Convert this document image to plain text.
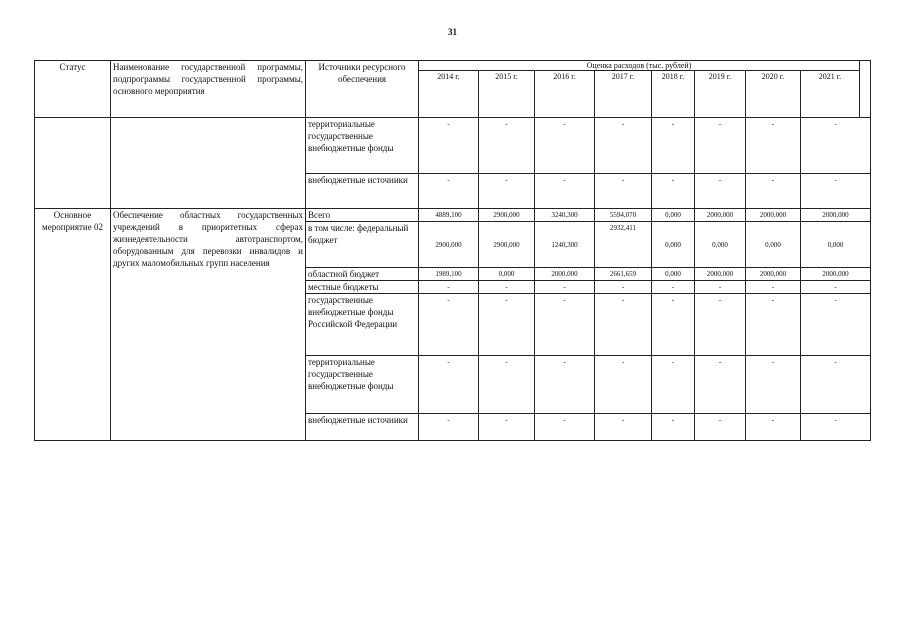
31
Статус	Наименование государственной программы, подпрограммы государственной программы, основного мероприятия	Источники ресурсного обеспечения	Оценка расходов (тыс. рублей)								
			2014 г.	2015 г.	2016 г.	2017 г.	2018 г.	2019 г.	2020 г.	2021 г.	
		территориальные государственные внебюджетные фонды	-	-	-	-	-	-	-	-	
		внебюджетные источники	-	-	-	-	-	-	-	-	
Основное мероприятие 02	Обеспечение областных государственных учреждений в приоритетных сферах жизнедеятельности автотранспортом, оборудованным для перевозки инвалидов и других маломобильных групп населения	Всего	4889,100	2900,000	3240,300	5594,070	0,000	2000,000	2000,000	2000,000	
		в том числе: федеральный бюджет	2900,000	2900,000	1240,300	2932,411	0,000	0,000	0,000	0,000	
		областной бюджет	1989,100	0,000	2000,000	2661,659	0,000	2000,000	2000,000	2000,000	
		местные бюджеты	-	-	-	-	-	-	-	-	
		государственные внебюджетные фонды Российской Федерации	-	-	-	-	-	-	-	-	
		территориальные государственные внебюджетные фонды	-	-	-	-	-	-	-	-	
		внебюджетные источники	-	-	-	-	-	-	-	-	
